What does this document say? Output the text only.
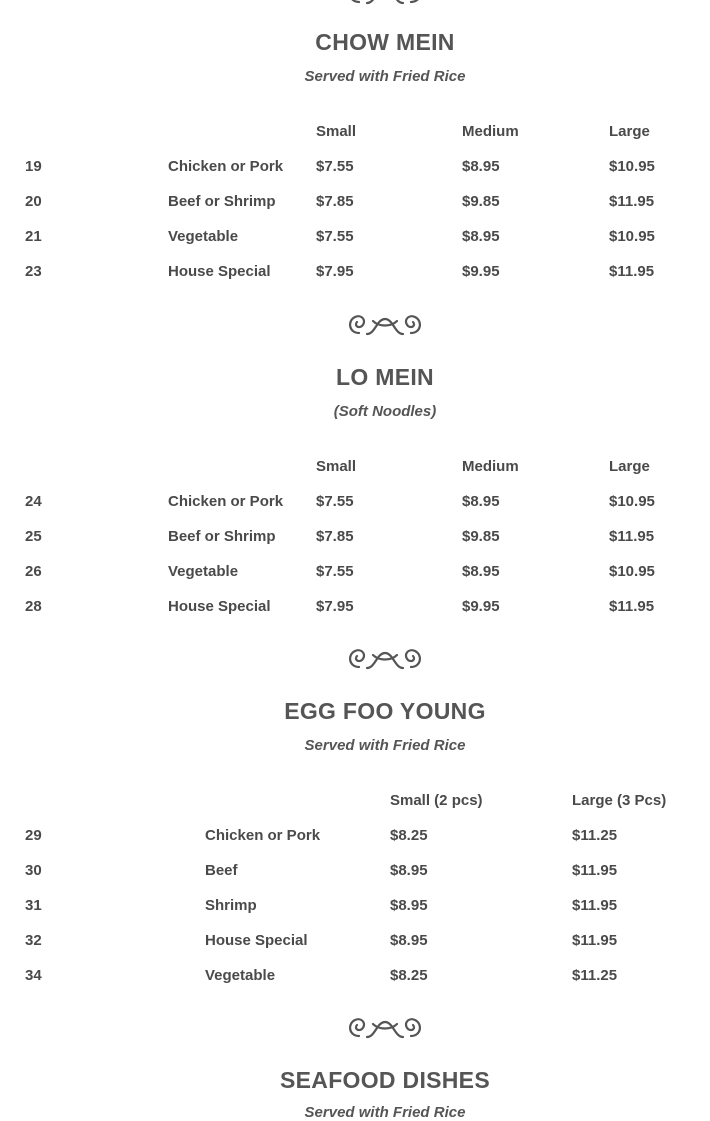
CHOW MEIN
Served with Fried Rice
Small	Medium	Large
19	Chicken or Pork $7.55	$8.95	$10.95
20	Beef or Shrimp	$7.85	$9.85	$11.95
21	Vegetable	$7.55	$8.95	$10.95
23	House Special	$7.95	$9.95	$11.95
LO MEIN
(Soft Noodles)
Small	Medium	Large
24	Chicken or Pork $7.55	$8.95	$10.95
25	Beef or Shrimp	$7.85	$9.85	$11.95
26	Vegetable	$7.55	$8.95	$10.95
28	House Special	$7.95	$9.95	$11.95
EGG FOO YOUNG
Served with Fried Rice
Small (2 pcs)	Large (3 Pcs)
29	Chicken or Pork	$8.25	$11.25
30	Beef	$8.95	$11.95
31	Shrimp	$8.95	$11.95
32	House Special	$8.95	$11.95
34	Vegetable	$8.25	$11.25
SEAFOOD DISHES
Served with Fried Rice
